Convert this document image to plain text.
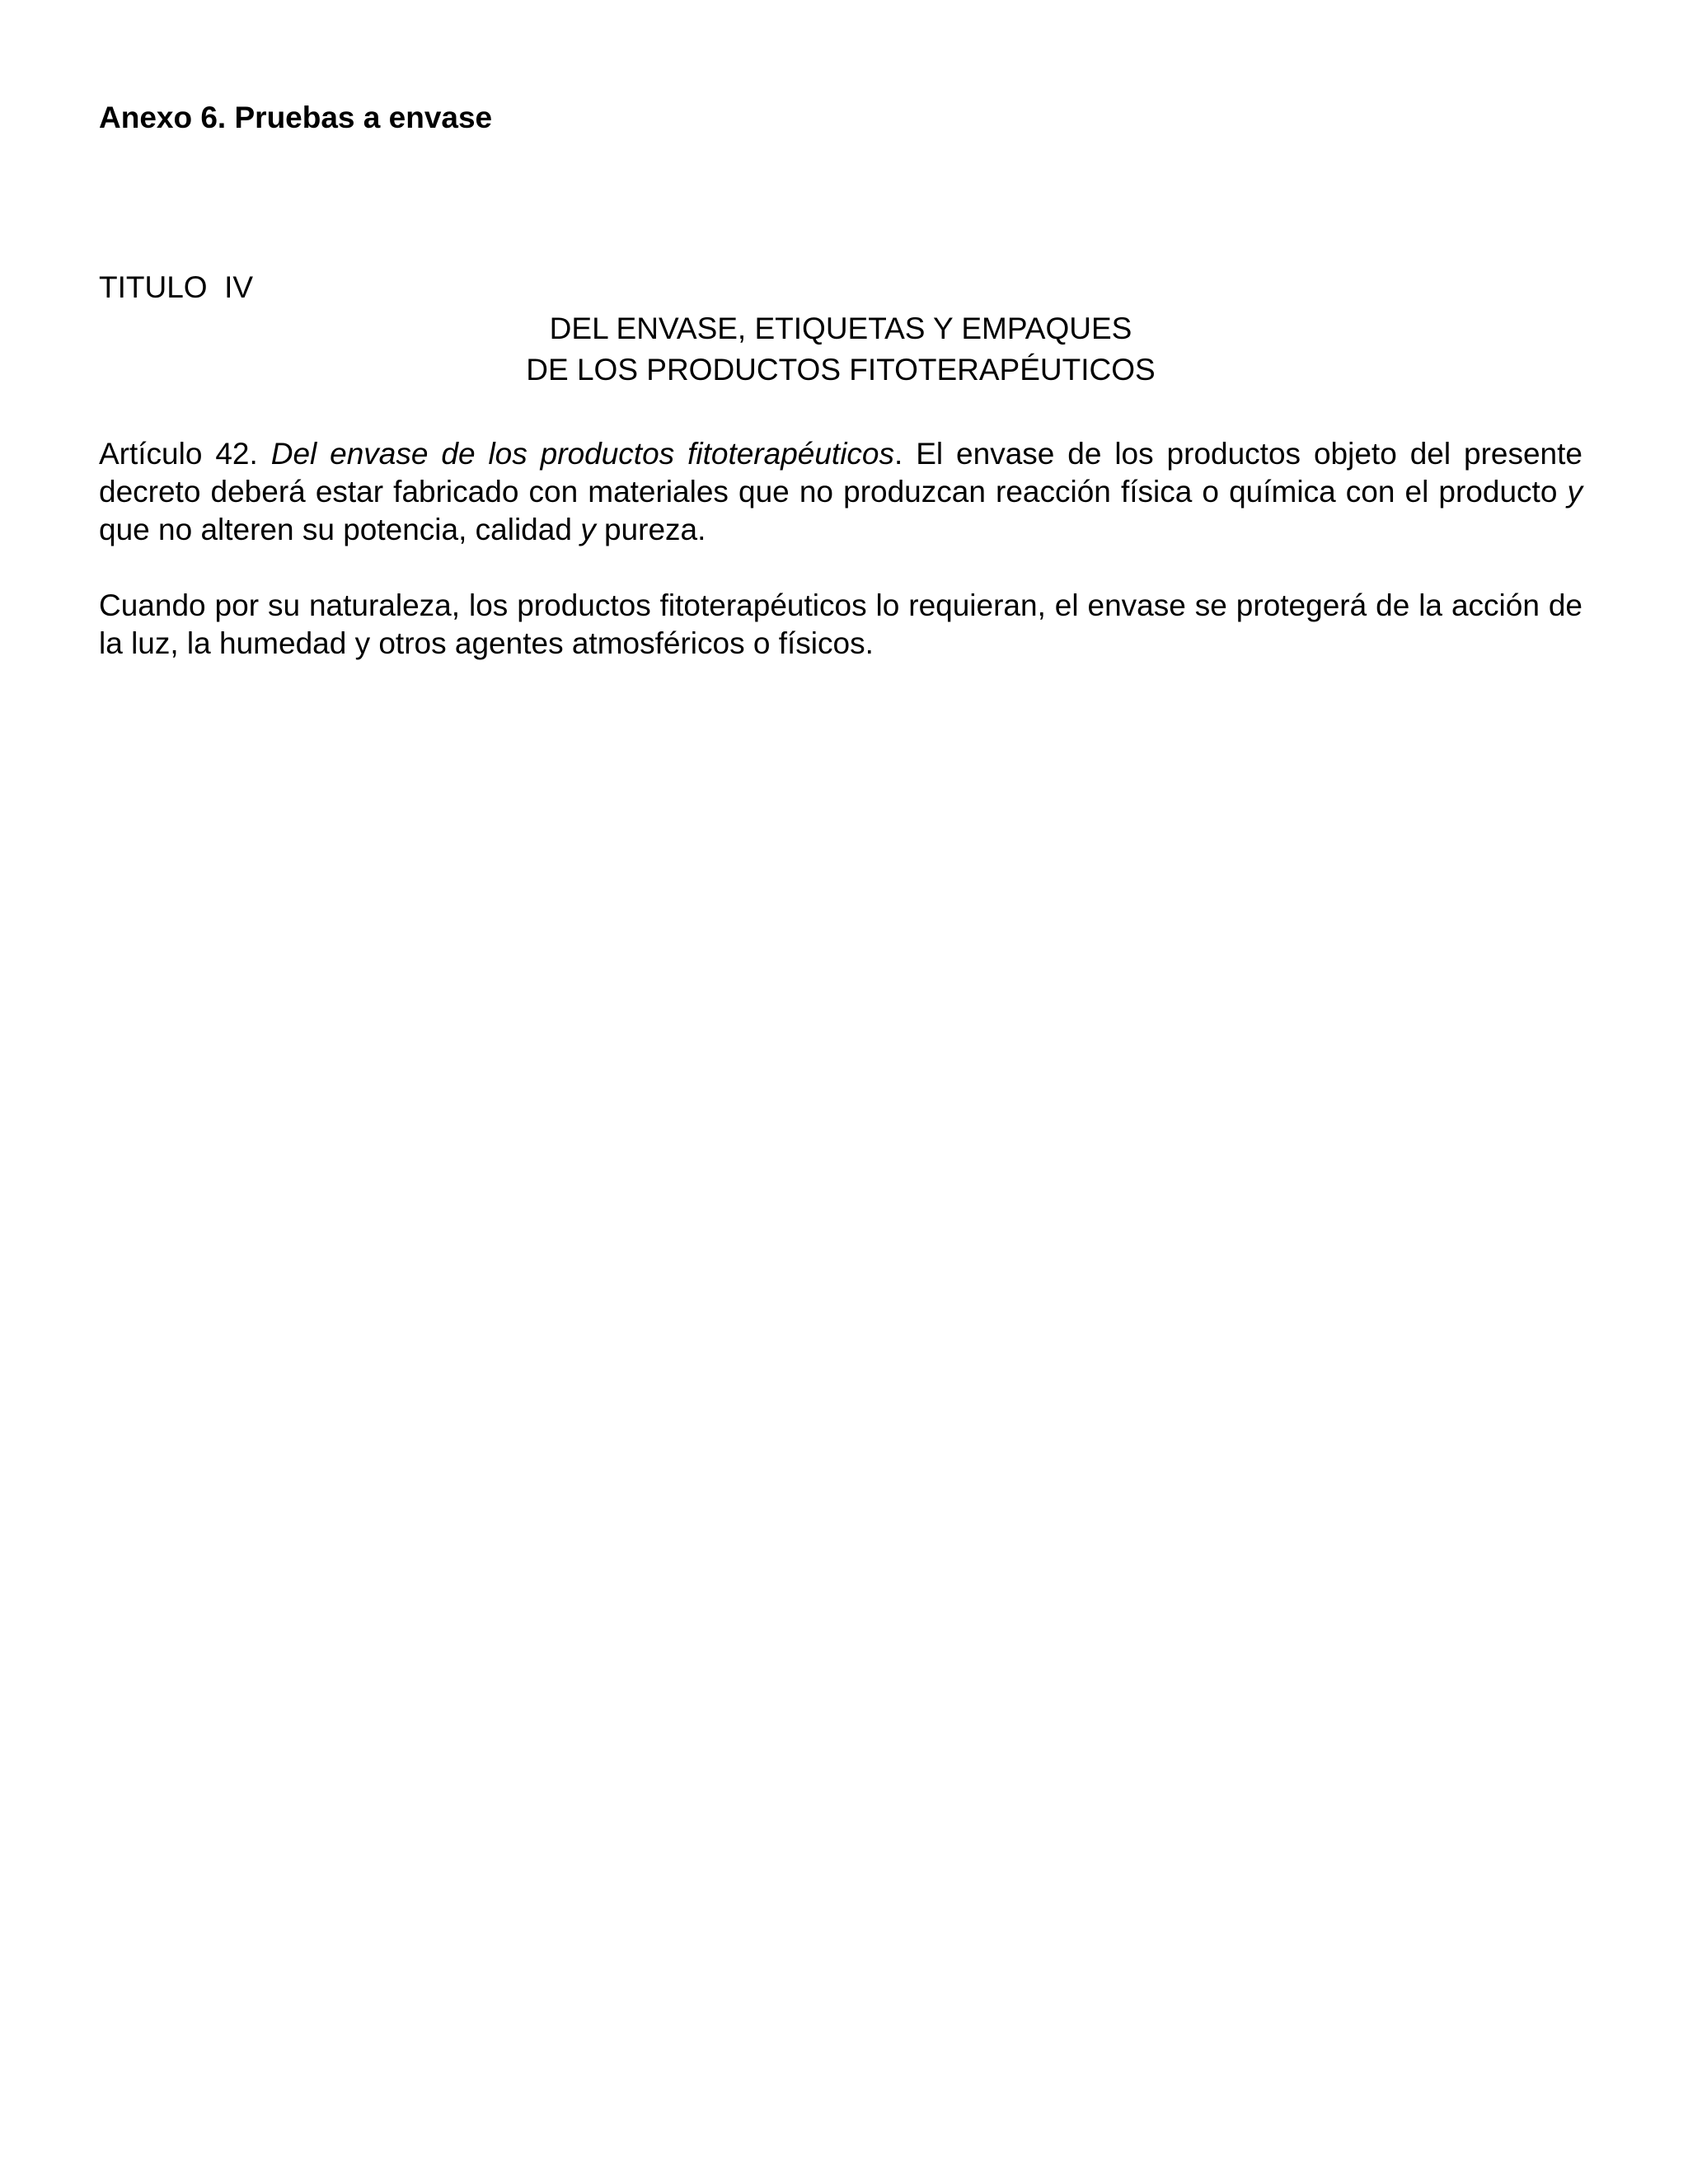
Anexo 6. Pruebas a envase

TITULO  IV

DEL ENVASE, ETIQUETAS Y EMPAQUES
DE LOS PRODUCTOS FITOTERAPÉUTICOS

Artículo 42. Del envase de los productos fitoterapéuticos. El envase de los productos objeto del presente decreto deberá estar fabricado con materiales que no produzcan reacción física o química con el producto y que no alteren su potencia, calidad y pureza.

Cuando por su naturaleza, los productos fitoterapéuticos lo requieran, el envase se protegerá de la acción de la luz, la humedad y otros agentes atmosféricos o físicos.
